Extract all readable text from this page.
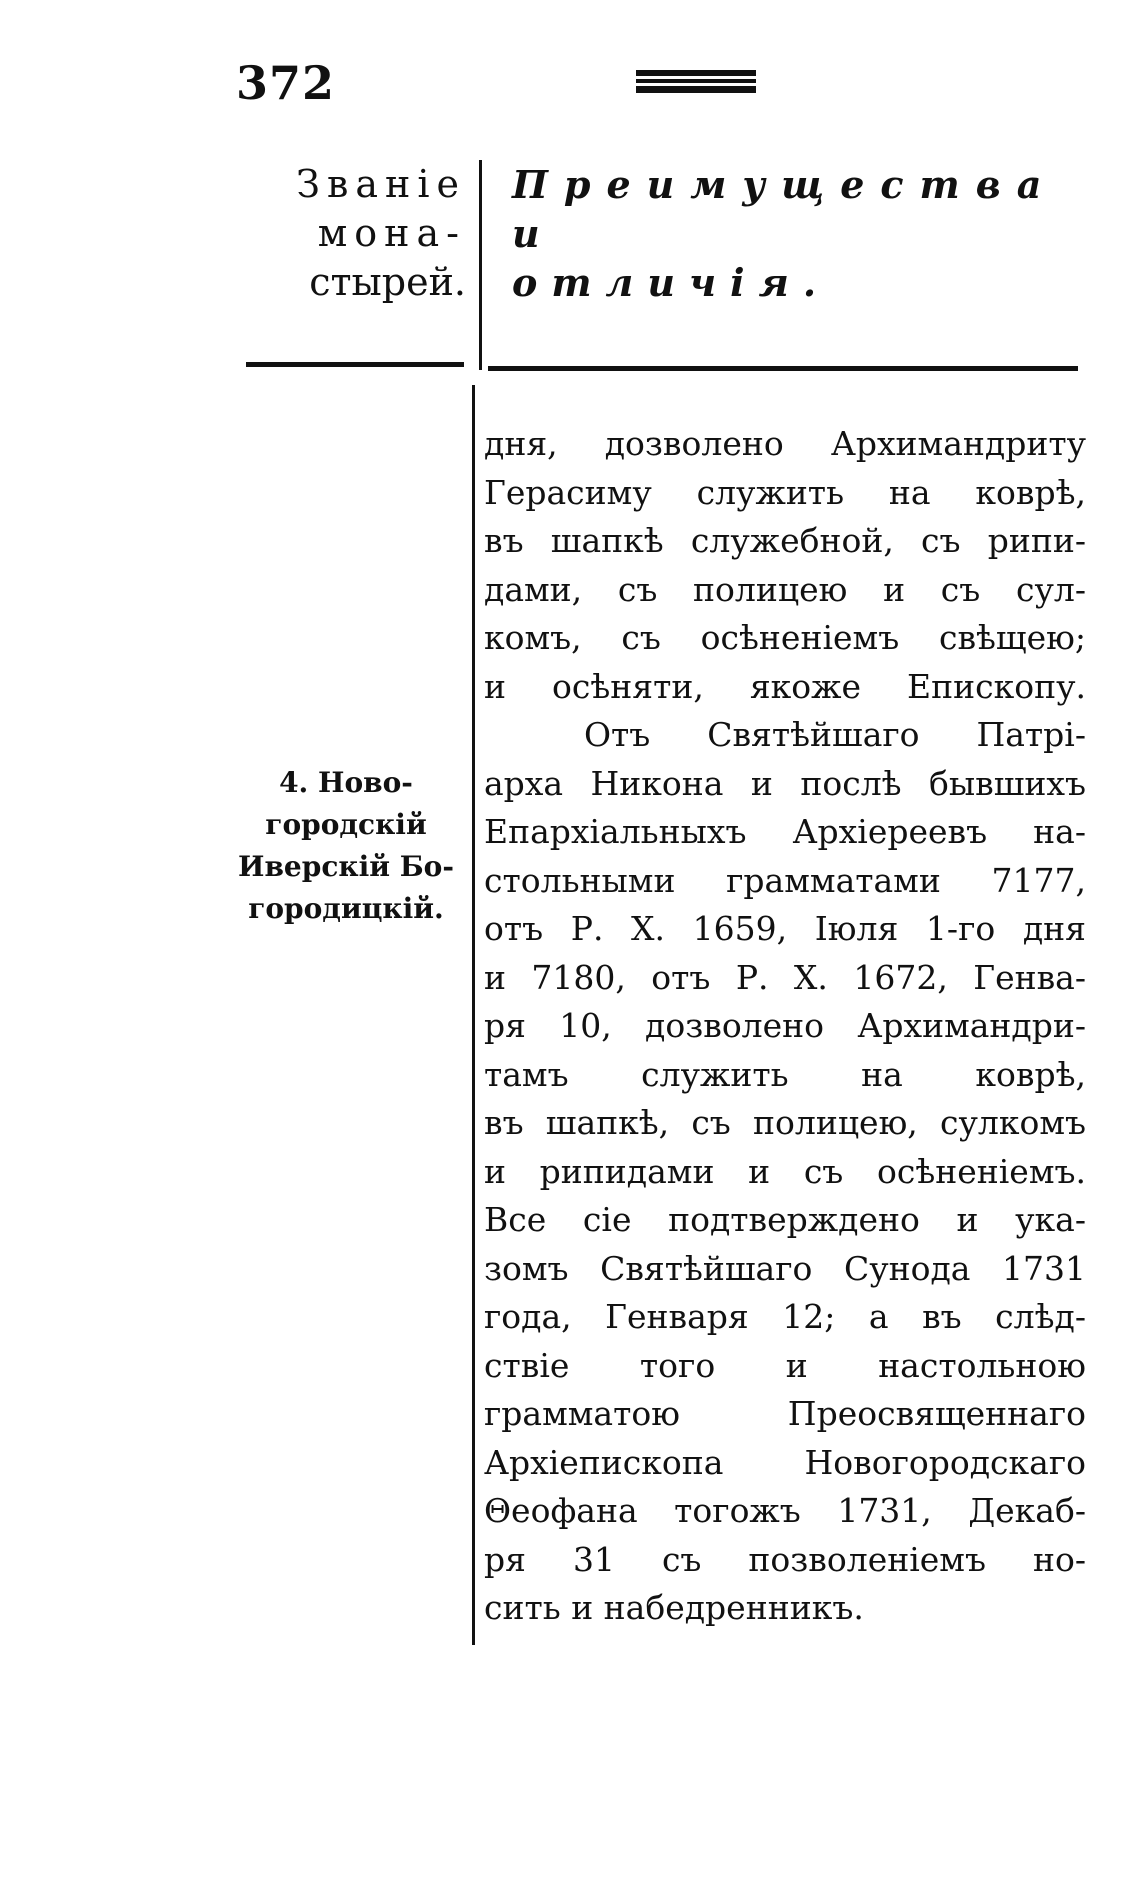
372
Званіе
мона-
стырей.
Преимущества и
отличія.
4. Ново-
городскій
Иверскій Бо-
городицкій.
дня, дозволено Архимандриту
Герасиму служить на коврѣ,
въ шапкѣ служебной, съ рипи-
дами, съ полицею и съ сул-
комъ, съ осѣненіемъ свѣщею;
и осѣняти, якоже Епископу.
Отъ Святѣйшаго Патрі-
арха Никона и послѣ бывшихъ
Епархіальныхъ Архіереевъ на-
стольными грамматами 7177,
отъ Р. Х. 1659, Іюля 1-го дня
и 7180, отъ Р. Х. 1672, Генва-
ря 10, дозволено Архимандри-
тамъ служить на коврѣ,
въ шапкѣ, съ полицею, сулкомъ
и рипидами и съ осѣненіемъ.
Все сіе подтверждено и ука-
зомъ Святѣйшаго Сунода 1731
года, Генваря 12; а въ слѣд-
ствіе того и настольною
грамматою Преосвященнаго
Архіепископа Новогородскаго
Θеофана тогожъ 1731, Декаб-
ря 31 съ позволеніемъ но-
сить и набедренникъ.
